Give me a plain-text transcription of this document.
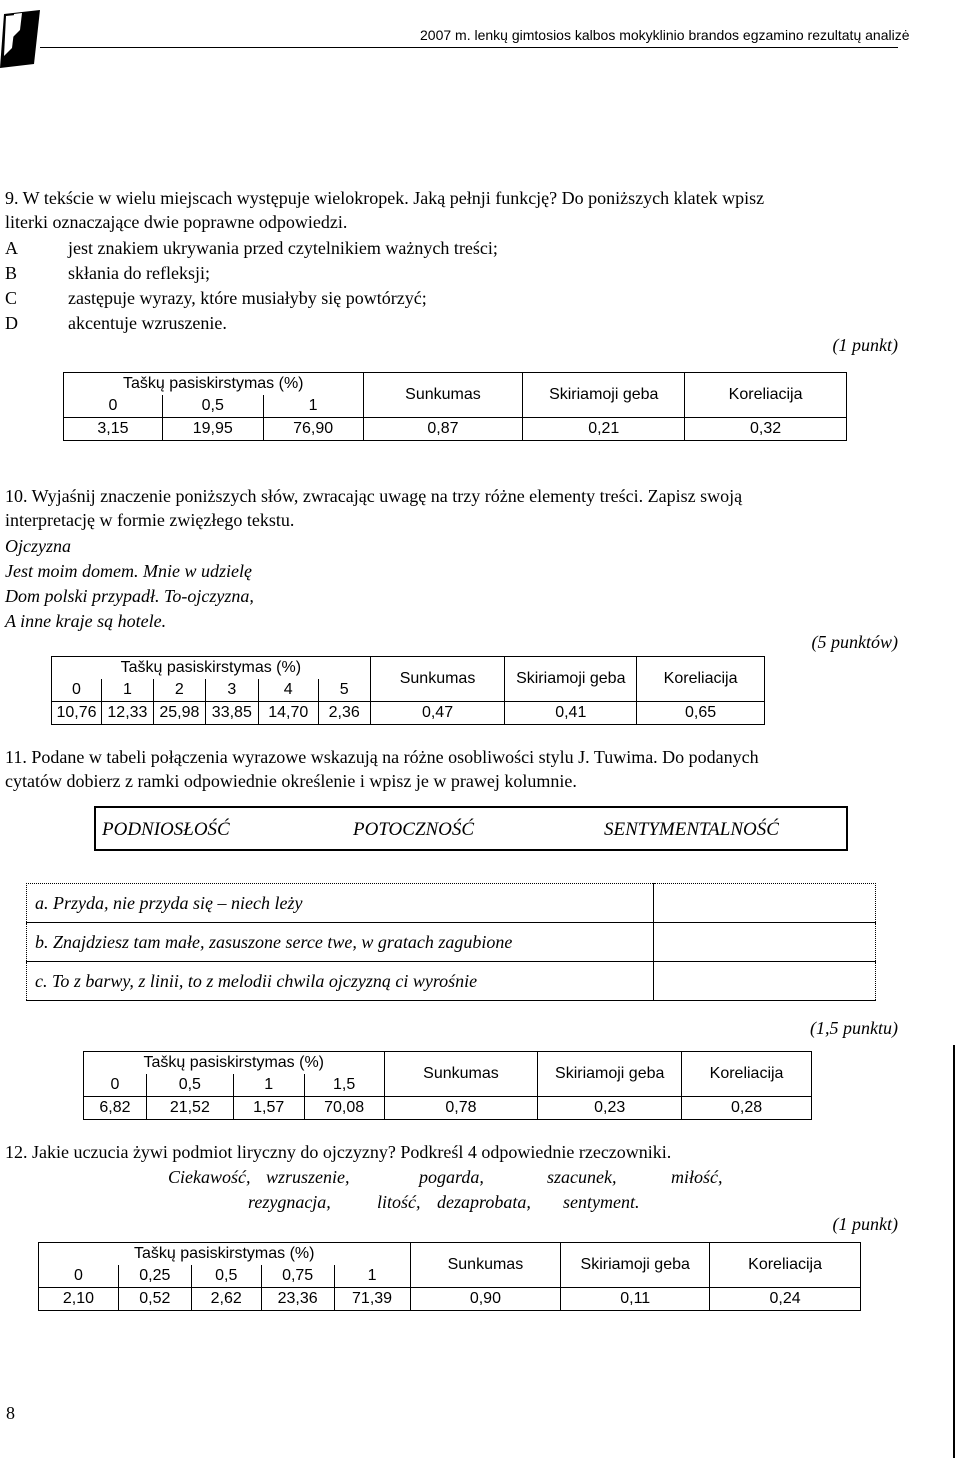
2007 m. lenkų gimtosios kalbos mokyklinio brandos egzamino rezultatų analizė
9. W tekście w wielu miejscach występuje wielokropek. Jaką pełnji funkcję? Do poniższych klatek wpisz
literki oznaczające dwie poprawne odpowiedzi.
A	jest znakiem ukrywania przed czytelnikiem ważnych treści;
B	skłania do refleksji;
C	zastępuje wyrazy, które musiałyby się powtórzyć;
D	akcentuje wzruszenie.
(1 punkt)
Taškų pasiskirstymas (%)			Sunkumas	Skiriamoji geba	Koreliacija
0	0,5	1			
3,15	19,95	76,90	0,87	0,21	0,32
10. Wyjaśnij znaczenie poniższych słów, zwracając uwagę na trzy różne elementy treści. Zapisz swoją
interpretację w formie zwięzłego tekstu.
Ojczyzna
Jest moim domem. Mnie w udzielę
Dom polski przypadł. To-ojczyzna,
A inne kraje są hotele.
(5 punktów)
Taškų pasiskirstymas (%)						Sunkumas	Skiriamoji geba	Koreliacija
0	1	2	3	4	5			
10,76	12,33	25,98	33,85	14,70	2,36	0,47	0,41	0,65
11. Podane w tabeli połączenia wyrazowe wskazują na różne osobliwości stylu J. Tuwima. Do podanych
cytatów dobierz z ramki odpowiednie określenie i wpisz je w prawej kolumnie.
PODNIOSŁOŚĆ	POTOCZNOŚĆ	SENTYMENTALNOŚĆ
a. Przyda, nie przyda się – niech leży	
b. Znajdziesz tam małe, zasuszone serce twe, w gratach zagubione	
c. To z barwy, z linii, to z melodii chwila ojczyzną ci wyrośnie	
(1,5 punktu)
Taškų pasiskirstymas (%)				Sunkumas	Skiriamoji geba	Koreliacija
0	0,5	1	1,5			
6,82	21,52	1,57	70,08	0,78	0,23	0,28
12. Jakie uczucia żywi podmiot liryczny do ojczyzny? Podkreśl 4 odpowiednie rzeczowniki.
Ciekawość, wzruszenie,	pogarda,	szacunek,	miłość,
rezygnacja,	litość, dezaprobata, sentyment.
(1 punkt)
Taškų pasiskirstymas (%)					Sunkumas	Skiriamoji geba	Koreliacija
0	0,25	0,5	0,75	1			
2,10	0,52	2,62	23,36	71,39	0,90	0,11	0,24
8
